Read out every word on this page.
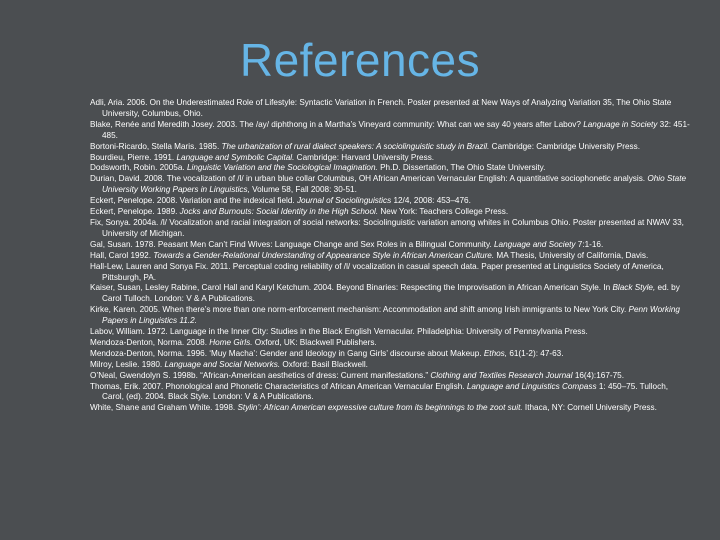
References

Adli, Aria. 2006. On the Underestimated Role of Lifestyle: Syntactic Variation in French. Poster presented at New Ways of Analyzing Variation 35, The Ohio State University, Columbus, Ohio.

Blake, Renée and Meredith Josey. 2003. The /ay/ diphthong in a Martha’s Vineyard community: What can we say 40 years after Labov? Language in Society 32: 451-485.

Bortoni-Ricardo, Stella Maris. 1985. The urbanization of rural dialect speakers: A sociolinguistic study in Brazil. Cambridge: Cambridge University Press.

Bourdieu, Pierre. 1991. Language and Symbolic Capital. Cambridge: Harvard University Press.

Dodsworth, Robin. 2005a. Linguistic Variation and the Sociological Imagination. Ph.D. Dissertation, The Ohio State University.

Durian, David. 2008. The vocalization of /l/ in urban blue collar Columbus, OH African American Vernacular English: A quantitative sociophonetic analysis. Ohio State University Working Papers in Linguistics, Volume 58, Fall 2008: 30-51.

Eckert, Penelope. 2008. Variation and the indexical field. Journal of Sociolinguistics 12/4, 2008: 453–476.

Eckert, Penelope. 1989. Jocks and Burnouts: Social Identity in the High School. New York: Teachers College Press.

Fix, Sonya. 2004a. /l/ Vocalization and racial integration of social networks: Sociolinguistic variation among whites in Columbus Ohio. Poster presented at NWAV 33, University of Michigan.

Gal, Susan. 1978. Peasant Men Can’t Find Wives: Language Change and Sex Roles in a Bilingual Community. Language and Society 7:1-16.

Hall, Carol 1992. Towards a Gender-Relational Understanding of Appearance Style in African American Culture. MA Thesis, University of California, Davis.

Hall-Lew, Lauren and Sonya Fix. 2011. Perceptual coding reliability of /l/ vocalization in casual speech data. Paper presented at Linguistics Society of America, Pittsburgh, PA.

Kaiser, Susan, Lesley Rabine, Carol Hall and Karyl Ketchum. 2004. Beyond Binaries: Respecting the Improvisation in African American Style. In Black Style, ed. by Carol Tulloch. London: V & A Publications.

Kirke, Karen. 2005. When there’s more than one norm-enforcement mechanism: Accommodation and shift among Irish immigrants to New York City. Penn Working Papers in Linguistics 11.2.

Labov, William. 1972. Language in the Inner City: Studies in the Black English Vernacular. Philadelphia: University of Pennsylvania Press.

Mendoza-Denton, Norma. 2008. Home Girls. Oxford, UK: Blackwell Publishers.

Mendoza-Denton, Norma. 1996. ‘Muy Macha’: Gender and Ideology in Gang Girls’ discourse about Makeup. Ethos, 61(1-2): 47-63.

Milroy, Leslie. 1980. Language and Social Networks. Oxford: Basil Blackwell.

O’Neal, Gwendolyn S. 1998b. “African-American aesthetics of dress: Current manifestations.” Clothing and Textiles Research Journal 16(4):167-75.

Thomas, Erik. 2007. Phonological and Phonetic Characteristics of African American Vernacular English. Language and Linguistics Compass 1: 450–75. Tulloch, Carol, (ed). 2004. Black Style. London: V & A Publications.

White, Shane and Graham White. 1998. Stylin’: African American expressive culture from its beginnings to the zoot suit. Ithaca, NY: Cornell University Press.
